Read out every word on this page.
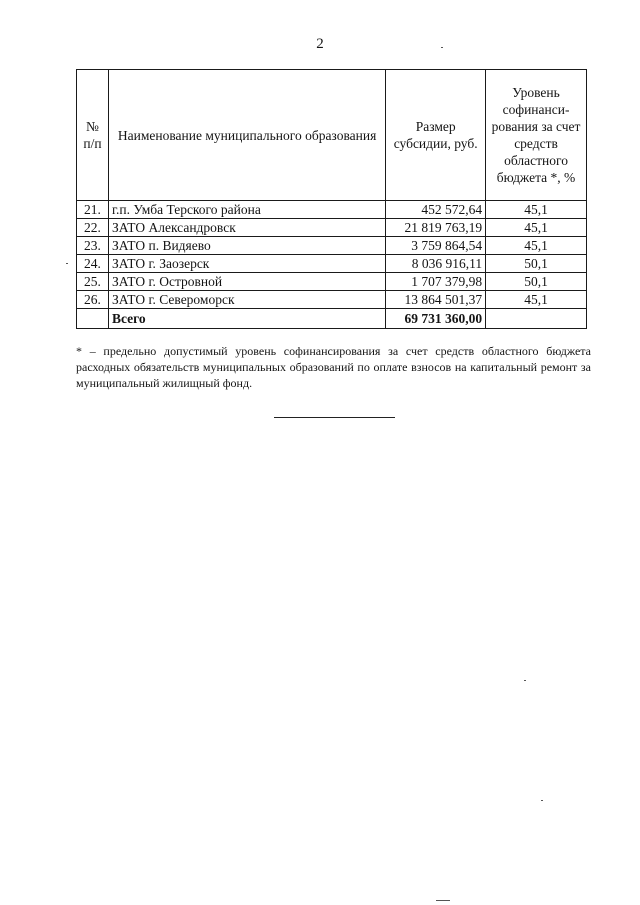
2
№ п/п	Наименование муниципального образования	Размер субсидии, руб.	Уровень софинанси-рования за счет средств областного бюджета *, %
21.	г.п. Умба Терского района	452 572,64	45,1
22.	ЗАТО Александровск	21 819 763,19	45,1
23.	ЗАТО п. Видяево	3 759 864,54	45,1
24.	ЗАТО г. Заозерск	8 036 916,11	50,1
25.	ЗАТО г. Островной	1 707 379,98	50,1
26.	ЗАТО г. Североморск	13 864 501,37	45,1
	Всего	69 731 360,00	
* – предельно допустимый уровень софинансирования за счет средств областного бюджета расходных обязательств муниципальных образований по оплате взносов на капитальный ремонт за муниципальный жилищный фонд.
